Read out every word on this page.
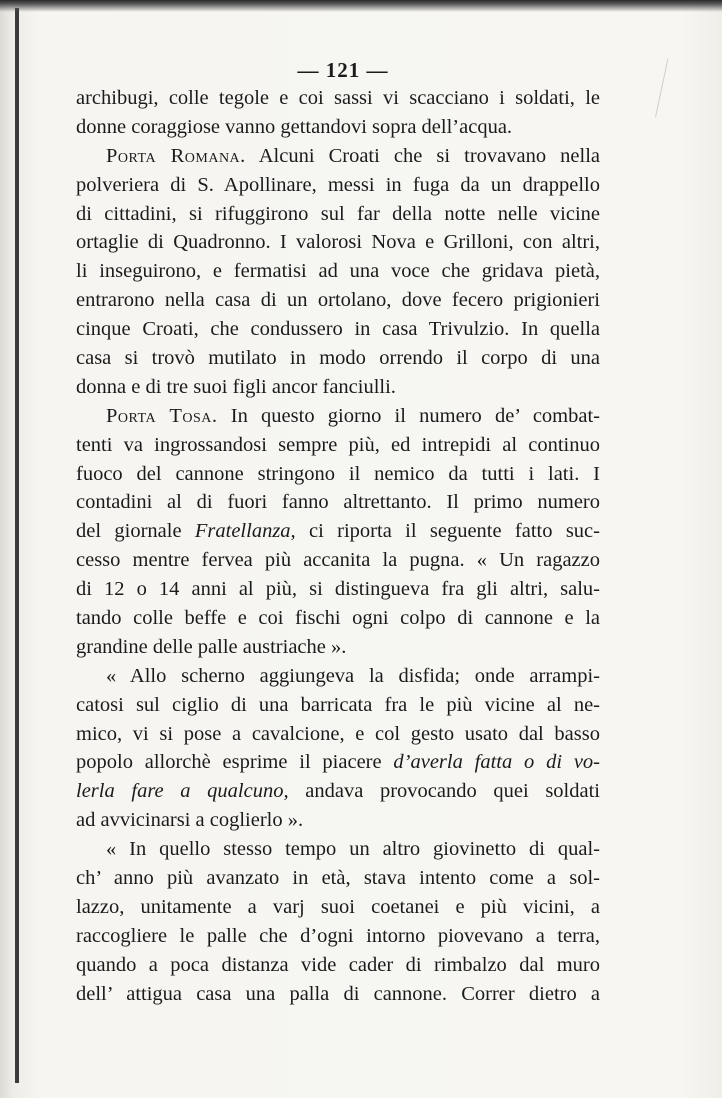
— 121 —
archibugi, colle tegole e coi sassi vi scacciano i soldati, le
donne coraggiose vanno gettandovi sopra dell’acqua.
Porta Romana. Alcuni Croati che si trovavano nella
polveriera di S. Apollinare, messi in fuga da un drappello
di cittadini, si rifuggirono sul far della notte nelle vicine
ortaglie di Quadronno. I valorosi Nova e Grilloni, con altri,
li inseguirono, e fermatisi ad una voce che gridava pietà,
entrarono nella casa di un ortolano, dove fecero prigionieri
cinque Croati, che condussero in casa Trivulzio. In quella
casa si trovò mutilato in modo orrendo il corpo di una
donna e di tre suoi figli ancor fanciulli.
Porta Tosa. In questo giorno il numero de’ combat-
tenti va ingrossandosi sempre più, ed intrepidi al continuo
fuoco del cannone stringono il nemico da tutti i lati. I
contadini al di fuori fanno altrettanto. Il primo numero
del giornale Fratellanza, ci riporta il seguente fatto suc-
cesso mentre fervea più accanita la pugna. « Un ragazzo
di 12 o 14 anni al più, si distingueva fra gli altri, salu-
tando colle beffe e coi fischi ogni colpo di cannone e la
grandine delle palle austriache ».
« Allo scherno aggiungeva la disfida; onde arrampi-
catosi sul ciglio di una barricata fra le più vicine al ne-
mico, vi si pose a cavalcione, e col gesto usato dal basso
popolo allorchè esprime il piacere d’averla fatta o di vo-
lerla fare a qualcuno, andava provocando quei soldati
ad avvicinarsi a coglierlo ».
« In quello stesso tempo un altro giovinetto di qual-
ch’ anno più avanzato in età, stava intento come a sol-
lazzo, unitamente a varj suoi coetanei e più vicini, a
raccogliere le palle che d’ogni intorno piovevano a terra,
quando a poca distanza vide cader di rimbalzo dal muro
dell’ attigua casa una palla di cannone. Correr dietro a
